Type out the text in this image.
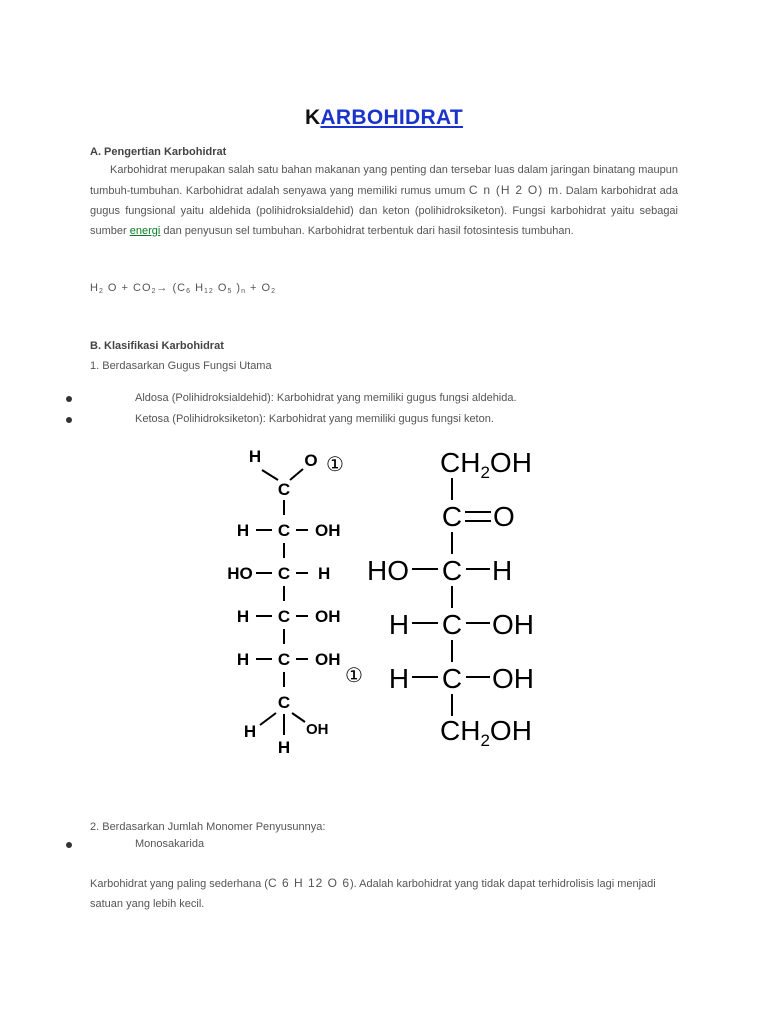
KARBOHIDRAT
A. Pengertian Karbohidrat

Karbohidrat merupakan salah satu bahan makanan yang penting dan tersebar luas dalam jaringan binatang maupun tumbuh-tumbuhan. Karbohidrat adalah senyawa yang memiliki rumus umum C n (H 2 O) m. Dalam karbohidrat ada gugus fungsional yaitu aldehida (polihidroksialdehid) dan keton (polihidroksiketon). Fungsi karbohidrat yaitu sebagai sumber energi dan penyusun sel tumbuhan. Karbohidrat terbentuk dari hasil fotosintesis tumbuhan.

H2 O + CO2→ (C6 H12 O5 )n + O2
B. Klasifikasi Karbohidrat
1. Berdasarkan Gugus Fungsi Utama
Aldosa (Polihidroksialdehid): Karbohidrat yang memiliki gugus fungsi aldehida.
Ketosa (Polihidroksiketon): Karbohidrat yang memiliki gugus fungsi keton.
H	O ①
C
H C OH
HO C H
H C OH
H C OH
①
C
H	OH
H
$CH_2OH$
C O
HO C H
H C OH
H C OH
$CH_2OH$
2. Berdasarkan Jumlah Monomer Penyusunnya:
Monosakarida

Karbohidrat yang paling sederhana (C 6 H 12 O 6). Adalah karbohidrat yang tidak dapat terhidrolisis lagi menjadi satuan yang lebih kecil.
